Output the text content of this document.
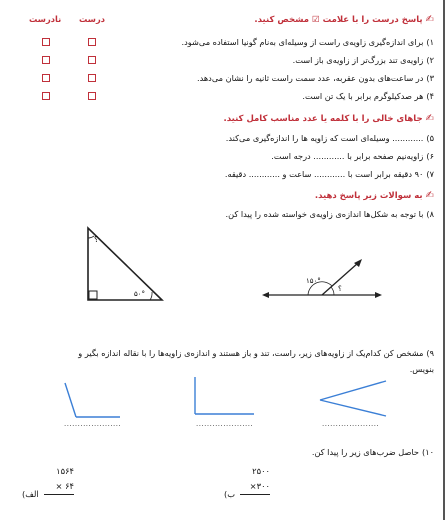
✍پاسخ درست را با علامت ☑ مشخص کنید.
درست
نادرست
۱)برای اندازه‌گیری زاویه‌ی راست از وسیله‌ای به‌نام گونیا استفاده می‌شود.
۲)زاویه‌ی تند بزرگ‌تر از زاویه‌ی باز است.
۳)در ساعت‌های بدون عقربه، عدد سمت راست ثانیه را نشان می‌دهد.
۴)هر صدکیلوگرم برابر با یک تن است.
✍جاهای خالی را با کلمه یا عدد مناسب کامل کنید.
۵)............ وسیله‌ای است که زاویه ها را اندازه‌گیری می‌کند.
۶)زاویه‌نیم صفحه برابر با ............ درجه است.
۷)۹۰ دقیقه برابر است با ............ ساعت و ............ دقیقه.
✍به سوالات زیر پاسخ دهید.
۸)با توجه به شکل‌ها اندازه‌ی زاویه‌ی خواسته شده را پیدا کن.
؟
۵۰°
۱۵۰°
؟
۹)مشخص کن کدام‌یک از زاویه‌های زیر، راست، تند و باز هستند و اندازه‌ی زاویه‌ها را با نقاله اندازه بگیر و
بنویس.
.....................
.....................
.....................
۱۰)حاصل ضرب‌های زیر را پیدا کن.
۲۵۰۰
×۳۰۰
(ب
۱۵۶۴
× ۶۴
(الف
